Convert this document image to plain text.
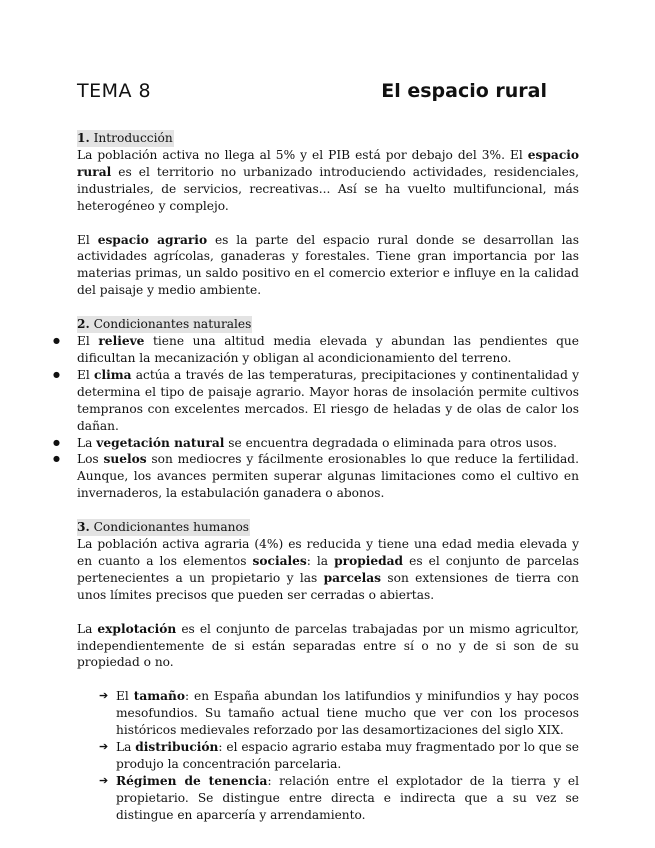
TEMA 8	El espacio rural
1. Introducción

La población activa no llega al 5% y el PIB está por debajo del 3%. El espacio rural es el territorio no urbanizado introduciendo actividades, residenciales, industriales, de servicios, recreativas... Así se ha vuelto multifuncional, más heterogéneo y complejo.

El espacio agrario es la parte del espacio rural donde se desarrollan las actividades agrícolas, ganaderas y forestales. Tiene gran importancia por las materias primas, un saldo positivo en el comercio exterior e influye en la calidad del paisaje y medio ambiente.

2. Condicionantes naturales
● El relieve tiene una altitud media elevada y abundan las pendientes que dificultan la mecanización y obligan al acondicionamiento del terreno.
● El clima actúa a través de las temperaturas, precipitaciones y continentalidad y determina el tipo de paisaje agrario. Mayor horas de insolación permite cultivos tempranos con excelentes mercados. El riesgo de heladas y de olas de calor los dañan.
● La vegetación natural se encuentra degradada o eliminada para otros usos.
● Los suelos son mediocres y fácilmente erosionables lo que reduce la fertilidad. Aunque, los avances permiten superar algunas limitaciones como el cultivo en invernaderos, la estabulación ganadera o abonos.
3. Condicionantes humanos

La población activa agraria (4%) es reducida y tiene una edad media elevada y en cuanto a los elementos sociales: la propiedad es el conjunto de parcelas pertenecientes a un propietario y las parcelas son extensiones de tierra con unos límites precisos que pueden ser cerradas o abiertas.

La explotación es el conjunto de parcelas trabajadas por un mismo agricultor, independientemente de si están separadas entre sí o no y de si son de su propiedad o no.

➔ El tamaño: en España abundan los latifundios y minifundios y hay pocos mesofundios. Su tamaño actual tiene mucho que ver con los procesos históricos medievales reforzado por las desamortizaciones del siglo XIX.
➔ La distribución: el espacio agrario estaba muy fragmentado por lo que se produjo la concentración parcelaria.
➔ Régimen de tenencia: relación entre el explotador de la tierra y el propietario. Se distingue entre directa e indirecta que a su vez se distingue en aparcería y arrendamiento.
